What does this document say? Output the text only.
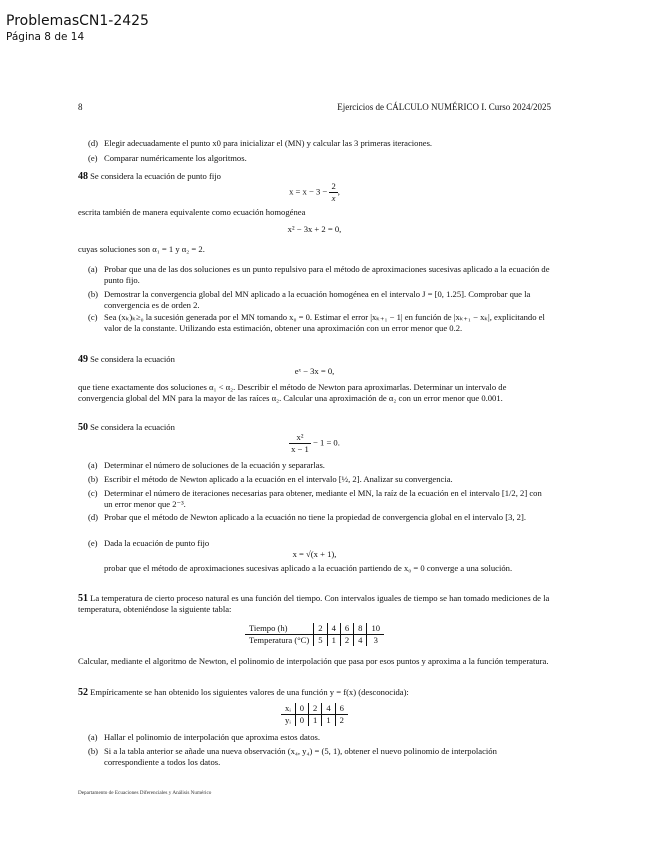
ProblemasCN1-2425
Página 8 de 14
8	Ejercicios de CÁLCULO NUMÉRICO I. Curso 2024/2025
(d) Elegir adecuadamente el punto x0 para inicializar el (MN) y calcular las 3 primeras iteraciones.
(e) Comparar numéricamente los algoritmos.
48 Se considera la ecuación de punto fijo
$x = x - 3 - \frac{2}{x}$ ,
escrita también de manera equivalente como ecuación homogénea
x² − 3x + 2 = 0,
cuyas soluciones son α₁ = 1 y α₂ = 2.
(a) Probar que una de las dos soluciones es un punto repulsivo para el método de aproximaciones sucesivas aplicado a la ecuación de punto fijo.
(b) Demostrar la convergencia global del MN aplicado a la ecuación homogénea en el intervalo J = [0, 1.25]. Comprobar que la convergencia es de orden 2.
(c) Sea (xₖ)ₖ≥₀ la sucesión generada por el MN tomando x₀ = 0. Estimar el error |xₖ₊₁ − 1| en función de |xₖ₊₁ − xₖ|, explicitando el valor de la constante. Utilizando esta estimación, obtener una aproximación con un error menor que 0.2.
49 Se considera la ecuación
eˣ − 3x = 0,
que tiene exactamente dos soluciones α₁ < α₂. Describir el método de Newton para aproximarlas. Determinar un intervalo de convergencia global del MN para la mayor de las raíces α₂. Calcular una aproximación de α₂ con un error menor que 0.001.
50 Se considera la ecuación
$\frac{\text{x²}}{x - 1} - 1 = 0$.
(a) Determinar el número de soluciones de la ecuación y separarlas.
(b) Escribir el método de Newton aplicado a la ecuación en el intervalo [½, 2]. Analizar su convergencia.
(c) Determinar el número de iteraciones necesarias para obtener, mediante el MN, la raíz de la ecuación en el intervalo [1/2, 2] con un error menor que 2⁻³.
(d) Probar que el método de Newton aplicado a la ecuación no tiene la propiedad de convergencia global en el intervalo [3, 2].
(e) Dada la ecuación de punto fijo
x = √(x + 1),
probar que el método de aproximaciones sucesivas aplicado a la ecuación partiendo de x₀ = 0 converge a una solución.
51 La temperatura de cierto proceso natural es una función del tiempo. Con intervalos iguales de tiempo se han tomado mediciones de la temperatura, obteniéndose la siguiente tabla:
Tiempo (h)	2	4	6	8	10
Temperatura (°C)	5	1	2	4	3
Calcular, mediante el algoritmo de Newton, el polinomio de interpolación que pasa por esos puntos y aproxima a la función temperatura.
52 Empíricamente se han obtenido los siguientes valores de una función y = f(x) (desconocida):
xᵢ	0	2	4	6
yᵢ	0	1	1	2
(a) Hallar el polinomio de interpolación que aproxima estos datos.
(b) Si a la tabla anterior se añade una nueva observación (x₄, y₄) = (5, 1), obtener el nuevo polinomio de interpolación correspondiente a todos los datos.
Departamento de Ecuaciones Diferenciales y Análisis Numérico
